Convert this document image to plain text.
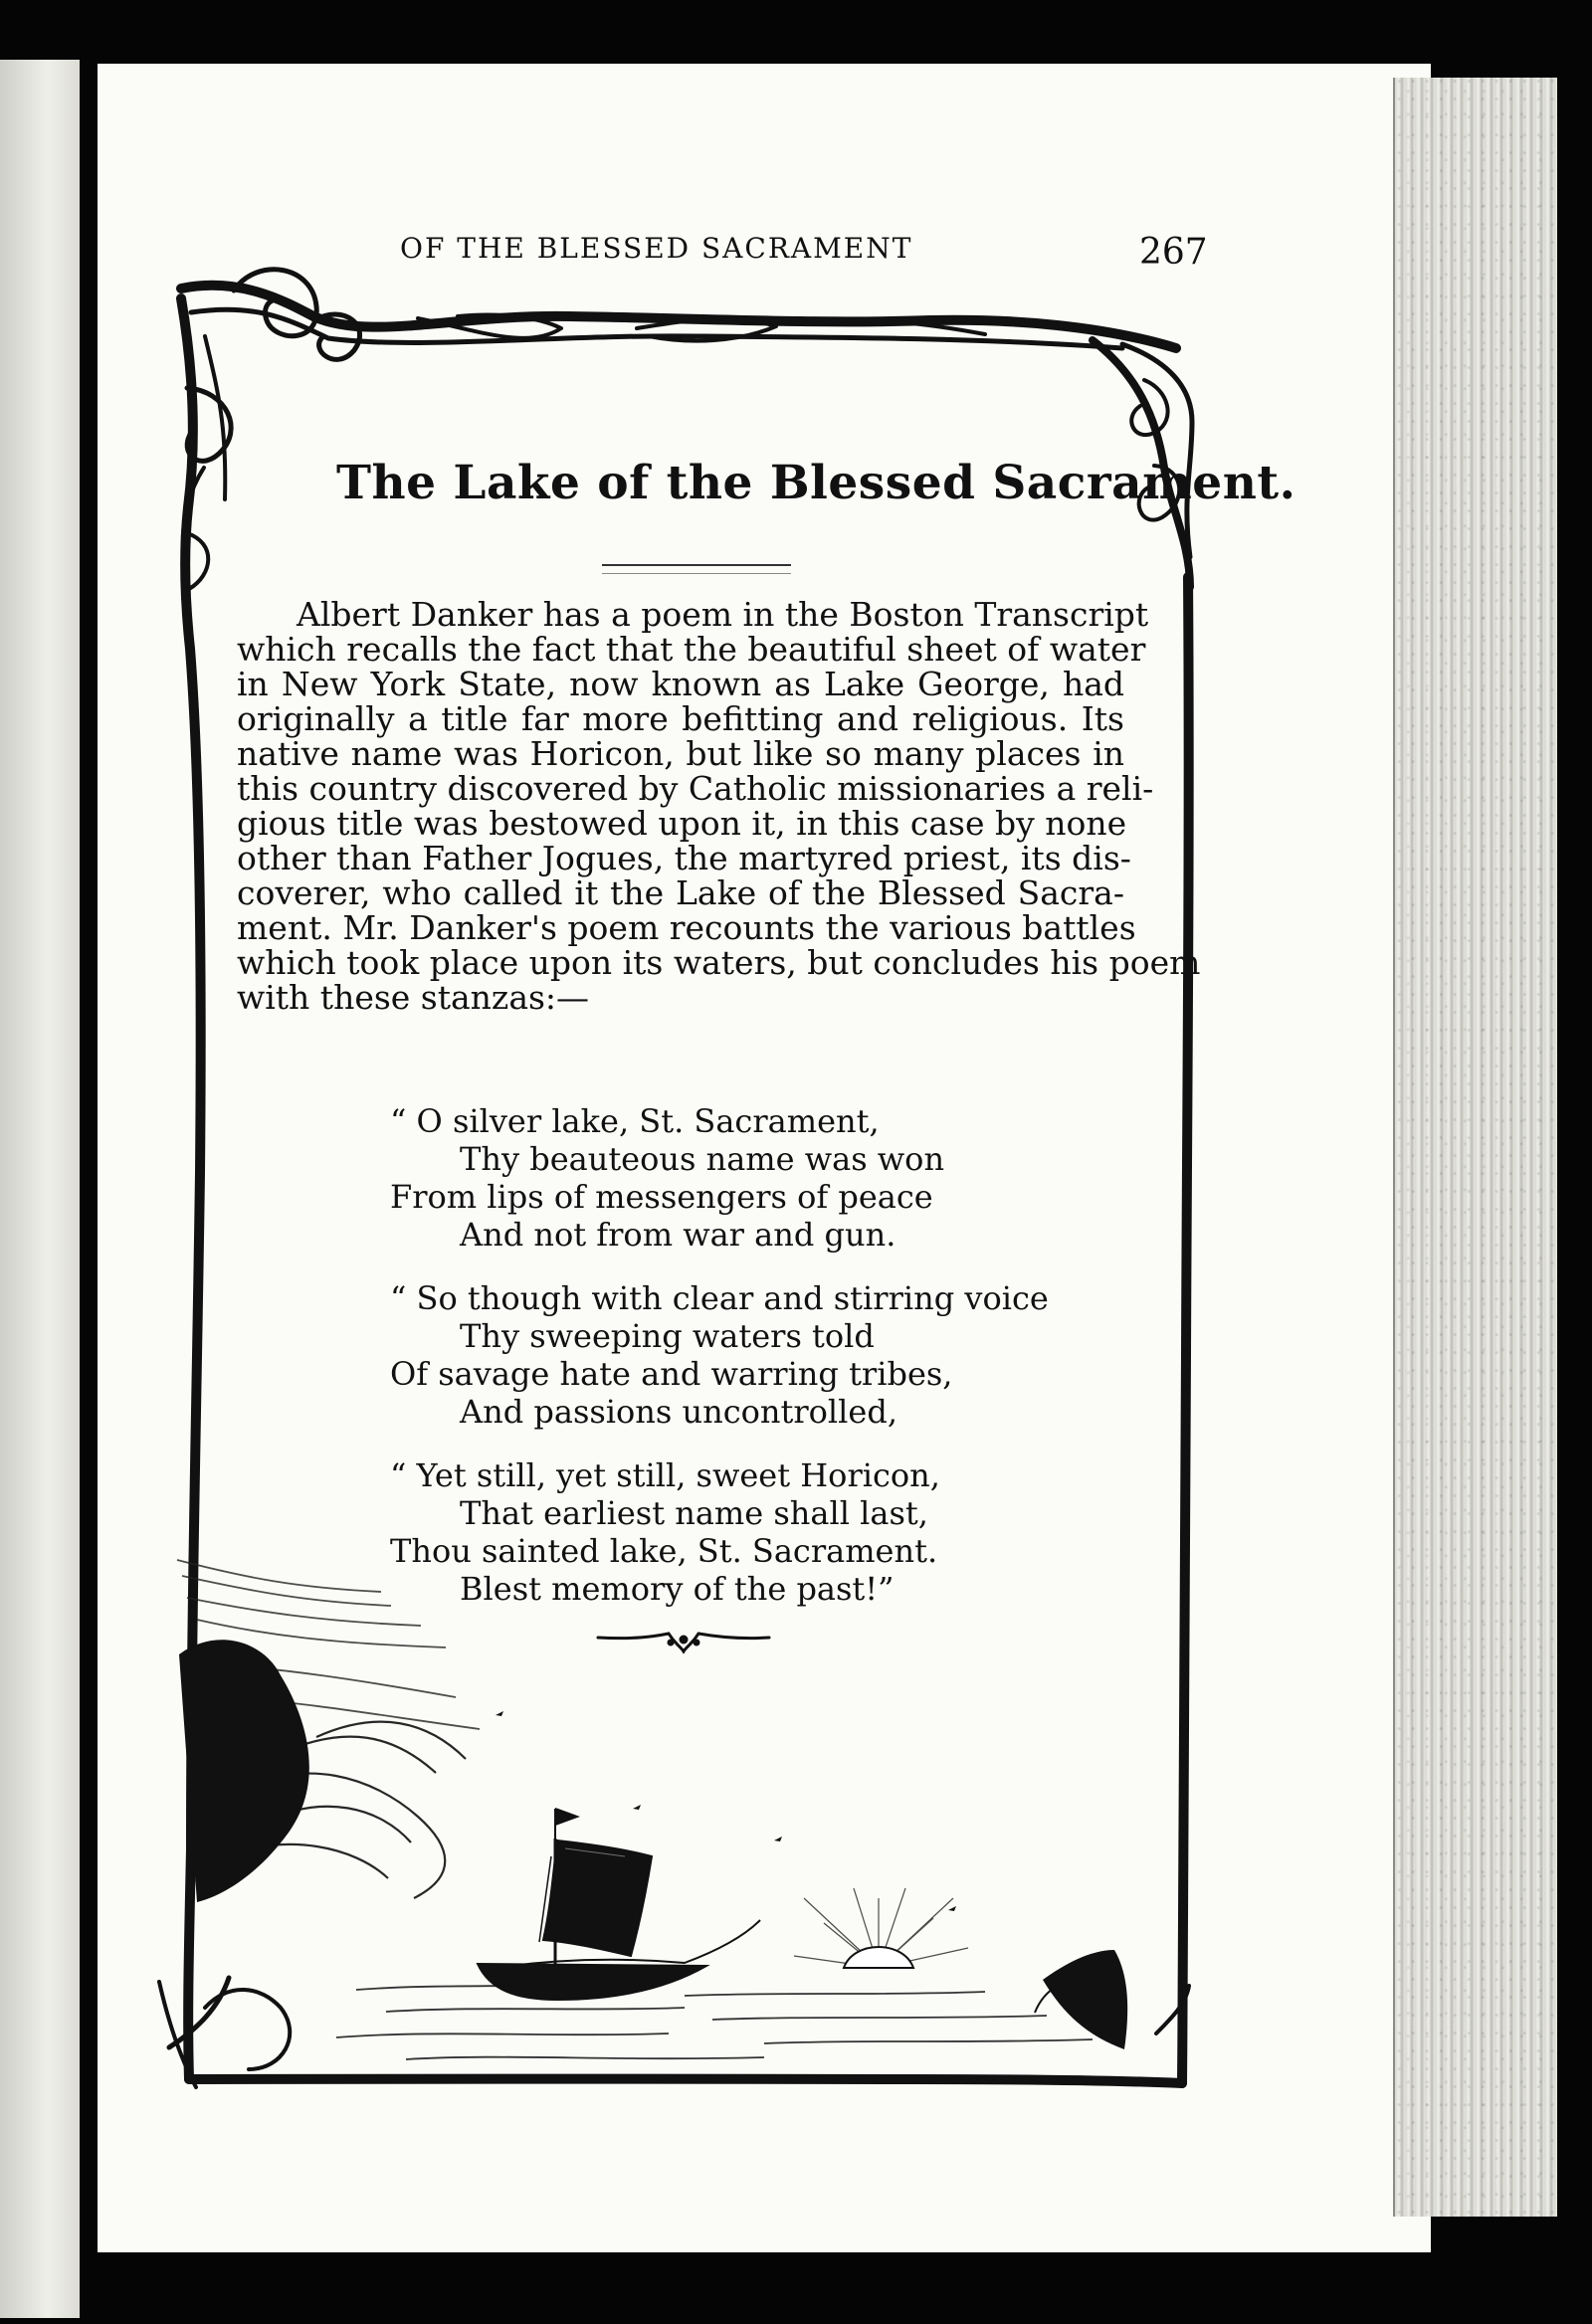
OF THE BLESSED SACRAMENT	267
The Lake of the Blessed Sacrament.
Albert Danker has a poem in the Boston Transcript
which recalls the fact that the beautiful sheet of water
in New York State, now known as Lake George, had
originally a title far more befitting and religious. Its
native name was Horicon, but like so many places in
this country discovered by Catholic missionaries a reli-
gious title was bestowed upon it, in this case by none
other than Father Jogues, the martyred priest, its dis-
coverer, who called it the Lake of the Blessed Sacra-
ment. Mr. Danker's poem recounts the various battles
which took place upon its waters, but concludes his poem
with these stanzas:—
“ O silver lake, St. Sacrament,
Thy beauteous name was won
From lips of messengers of peace
And not from war and gun.
“ So though with clear and stirring voice
Thy sweeping waters told
Of savage hate and warring tribes,
And passions uncontrolled,
“ Yet still, yet still, sweet Horicon,
That earliest name shall last,
Thou sainted lake, St. Sacrament.
Blest memory of the past!”
